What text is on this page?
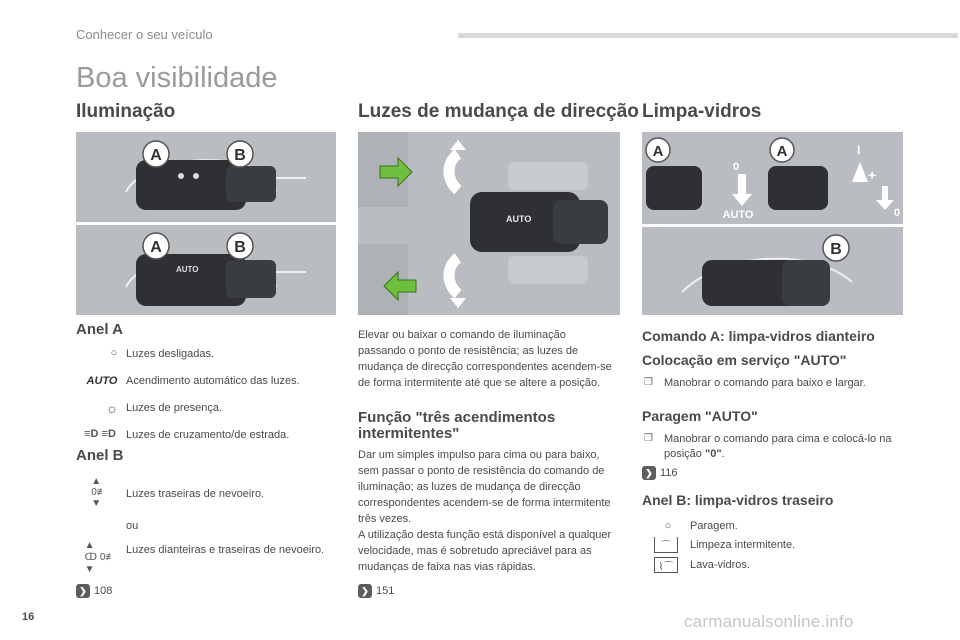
Conhecer o seu veículo
Boa visibilidade
Iluminação
A	B
AUTO
A	B
Anel A
○ Luzes desligadas.
AUTO Acendimento automático das luzes.
☼ Luzes de presença.
≡D ≡D Luzes de cruzamento/de estrada.
Anel B
▲
0≢
▼
Luzes traseiras de nevoeiro.
ou
▲
ↀ 0≢
▼
Luzes dianteiras e traseiras de nevoeiro.
❯ 108
Luzes de mudança de direcção
AUTO

Elevar ou baixar o comando de iluminação passando o ponto de resistência; as luzes de mudança de direcção correspondentes acendem-se de forma intermitente até que se altere a posição.

Função "três acendimentos intermitentes"

Dar um simples impulso para cima ou para baixo, sem passar o ponto de resistência do comando de iluminação; as luzes de mudança de direcção correspondentes acendem-se de forma intermitente três vezes.

A utilização desta função está disponível a qualquer velocidade, mas é sobretudo apreciável para as mudanças de faixa nas vias rápidas.

❯ 151
Limpa-vidros
A
0
AUTO
A	I
+
0
B
Comando A: limpa-vidros dianteiro
Colocação em serviço "AUTO"
❐ Manobrar o comando para baixo e largar.

Paragem "AUTO"
❐ Manobrar o comando para cima e colocá-lo na posição "0".

❯ 116
Anel B: limpa-vidros traseiro
○	Paragem.
⌒	Limpeza intermitente.
⌇⌒	Lava-vidros.
16	carmanualsonline.info
